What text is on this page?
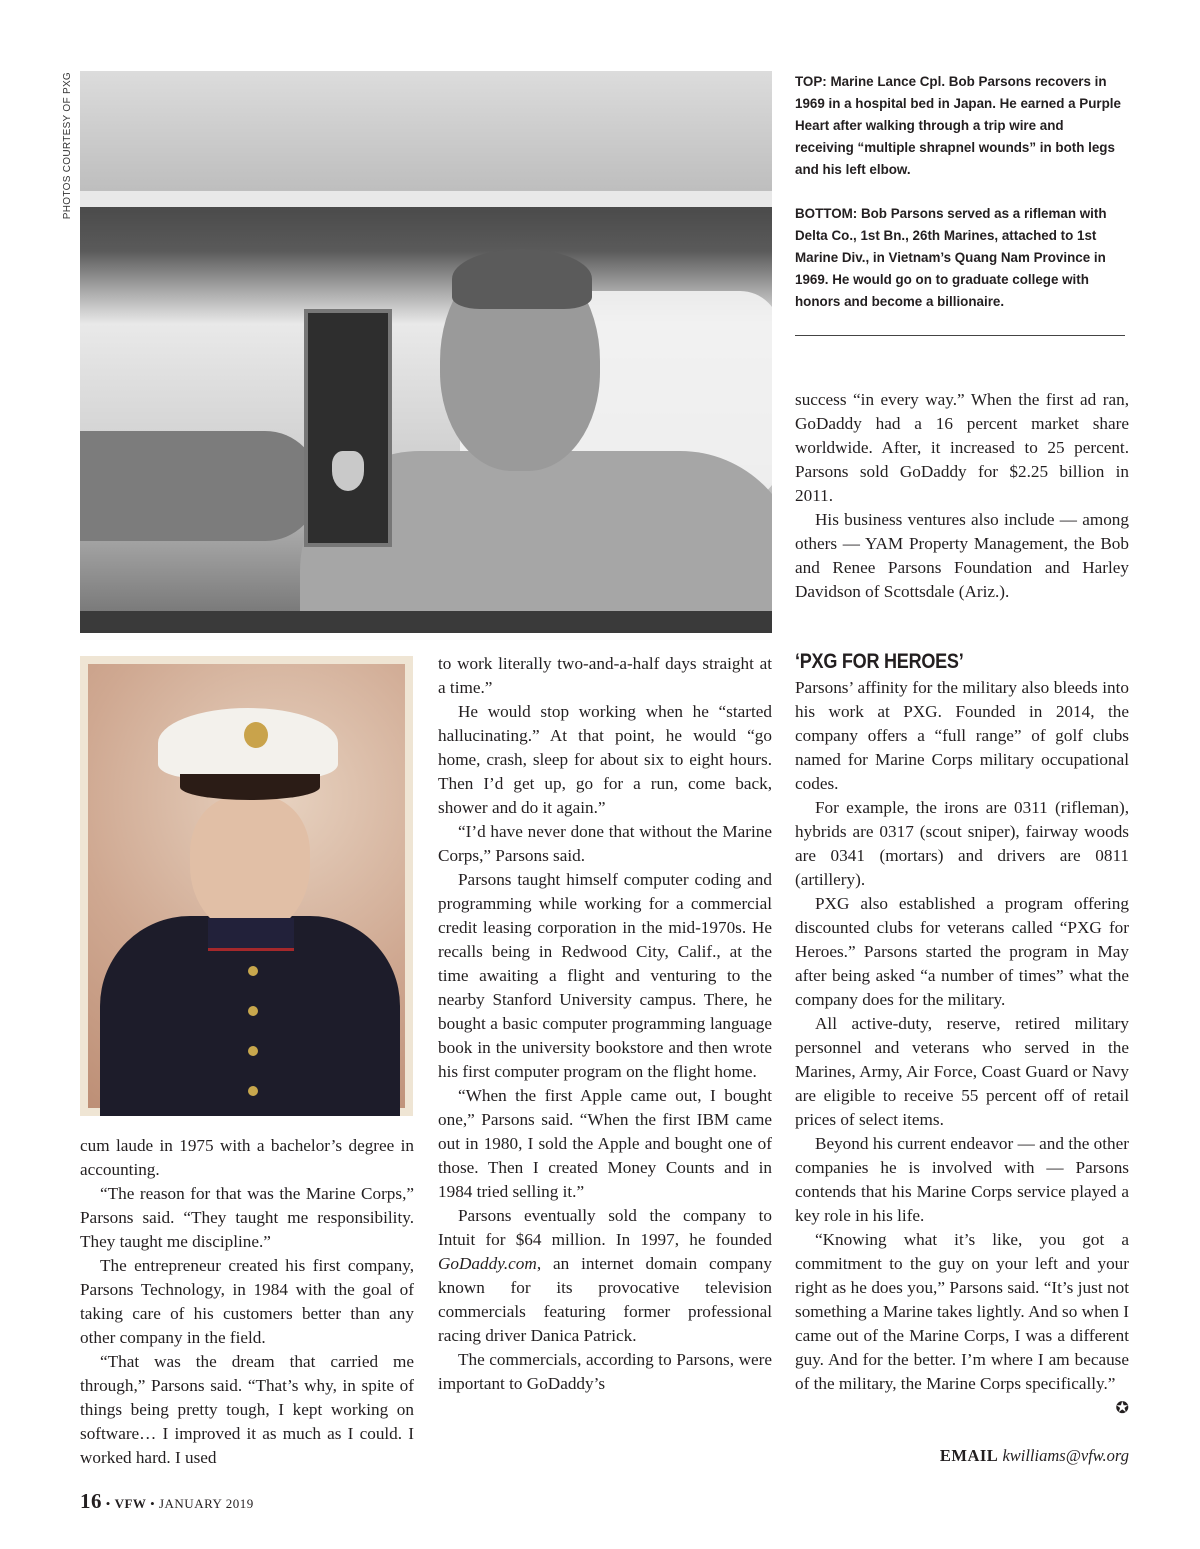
PHOTOS COURTESY OF PXG	TOP: Marine Lance Cpl. Bob Parsons recovers in 1969 in a hospital bed in Japan. He earned a Purple Heart after walking through a trip wire and receiving “multiple shrapnel wounds” in both legs and his left elbow.

BOTTOM: Bob Parsons served as a rifleman with Delta Co., 1st Bn., 26th Marines, attached to 1st Marine Div., in Vietnam’s Quang Nam Province in 1969. He would go on to graduate college with honors and become a billionaire.

cum laude in 1975 with a bachelor’s degree in accounting.

“The reason for that was the Marine Corps,” Parsons said. “They taught me responsibility. They taught me discipline.”

The entrepreneur created his first company, Parsons Technology, in 1984 with the goal of taking care of his customers better than any other company in the field.

“That was the dream that carried me through,” Parsons said. “That’s why, in spite of things being pretty tough, I kept working on software… I improved it as much as I could. I worked hard. I used

to work literally two-and-a-half days straight at a time.”

He would stop working when he “started hallucinating.” At that point, he would “go home, crash, sleep for about six to eight hours. Then I’d get up, go for a run, come back, shower and do it again.”

“I’d have never done that without the Marine Corps,” Parsons said.

Parsons taught himself computer coding and programming while working for a commercial credit leasing corporation in the mid-1970s. He recalls being in Redwood City, Calif., at the time awaiting a flight and venturing to the nearby Stanford University campus. There, he bought a basic computer programming language book in the university bookstore and then wrote his first computer program on the flight home.

“When the first Apple came out, I bought one,” Parsons said. “When the first IBM came out in 1980, I sold the Apple and bought one of those. Then I created Money Counts and in 1984 tried selling it.”

Parsons eventually sold the company to Intuit for $64 million. In 1997, he founded GoDaddy.com, an internet domain company known for its provocative television commercials featuring former professional racing driver Danica Patrick.

The commercials, according to Parsons, were important to GoDaddy’s

success “in every way.” When the first ad ran, GoDaddy had a 16 percent market share worldwide. After, it increased to 25 percent. Parsons sold GoDaddy for $2.25 billion in 2011.

His business ventures also include — among others — YAM Property Management, the Bob and Renee Parsons Foundation and Harley Davidson of Scottsdale (Ariz.).

‘PXG FOR HEROES’

Parsons’ affinity for the military also bleeds into his work at PXG. Founded in 2014, the company offers a “full range” of golf clubs named for Marine Corps military occupational codes.

For example, the irons are 0311 (rifleman), hybrids are 0317 (scout sniper), fairway woods are 0341 (mortars) and drivers are 0811 (artillery).

PXG also established a program offering discounted clubs for veterans called “PXG for Heroes.” Parsons started the program in May after being asked “a number of times” what the company does for the military.

All active-duty, reserve, retired military personnel and veterans who served in the Marines, Army, Air Force, Coast Guard or Navy are eligible to receive 55 percent off of retail prices of select items.

Beyond his current endeavor — and the other companies he is involved with — Parsons contends that his Marine Corps service played a key role in his life.

“Knowing what it’s like, you got a commitment to the guy on your left and your right as he does you,” Parsons said. “It’s just not something a Marine takes lightly. And so when I came out of the Marine Corps, I was a different guy. And for the better. I’m where I am because of the military, the Marine Corps specifically.”
✪

EMAIL kwilliams@vfw.org
16 • VFW • JANUARY 2019
